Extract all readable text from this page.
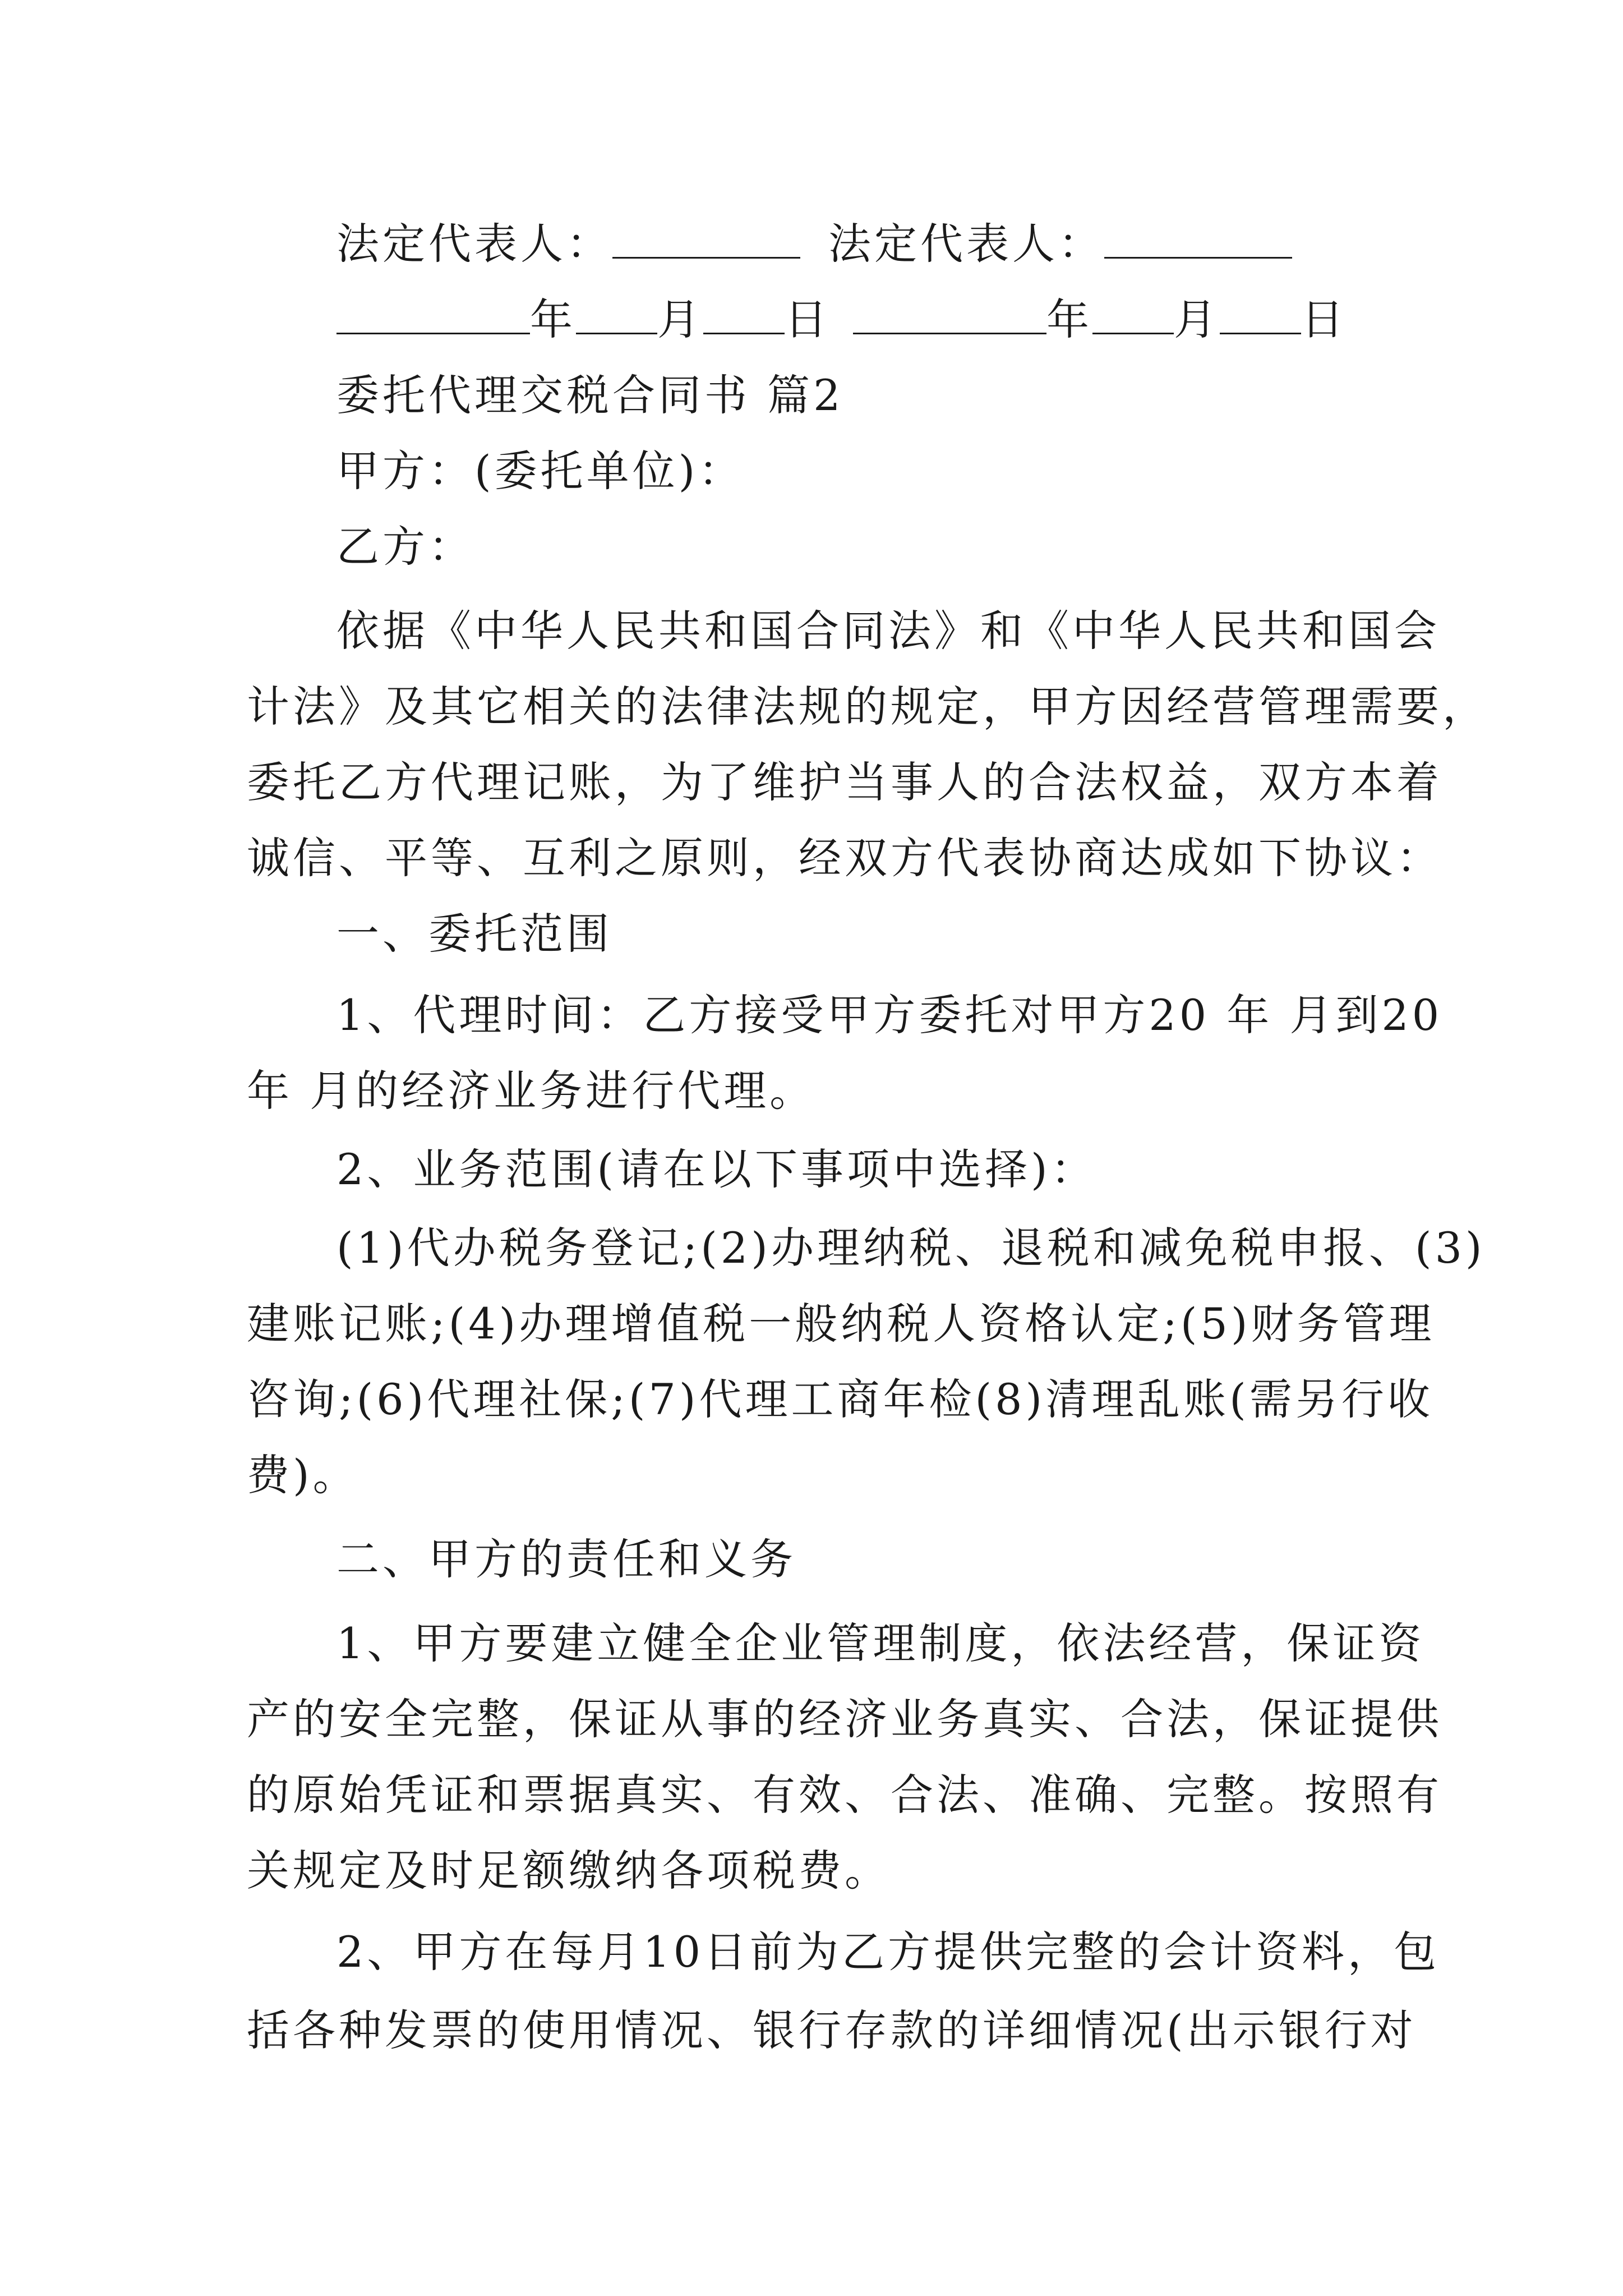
法定代表人：	法定代表人：
年 月 日	年 月 日
委托代理交税合同书 篇2
甲方：(委托单位)：
乙方：
依据《中华人民共和国合同法》和《中华人民共和国会
计法》及其它相关的法律法规的规定，甲方因经营管理需要，
委托乙方代理记账，为了维护当事人的合法权益，双方本着
诚信、平等、互利之原则，经双方代表协商达成如下协议：
一、委托范围
1、代理时间：乙方接受甲方委托对甲方20 年 月到20
年 月的经济业务进行代理。
2、业务范围(请在以下事项中选择)：
(1)代办税务登记;(2)办理纳税、退税和减免税申报、(3)
建账记账;(4)办理增值税一般纳税人资格认定;(5)财务管理
咨询;(6)代理社保;(7)代理工商年检(8)清理乱账(需另行收
费)。
二、甲方的责任和义务
1、甲方要建立健全企业管理制度，依法经营，保证资
产的安全完整，保证从事的经济业务真实、合法，保证提供
的原始凭证和票据真实、有效、合法、准确、完整。按照有
关规定及时足额缴纳各项税费。
2、甲方在每月10日前为乙方提供完整的会计资料，包
括各种发票的使用情况、银行存款的详细情况(出示银行对
